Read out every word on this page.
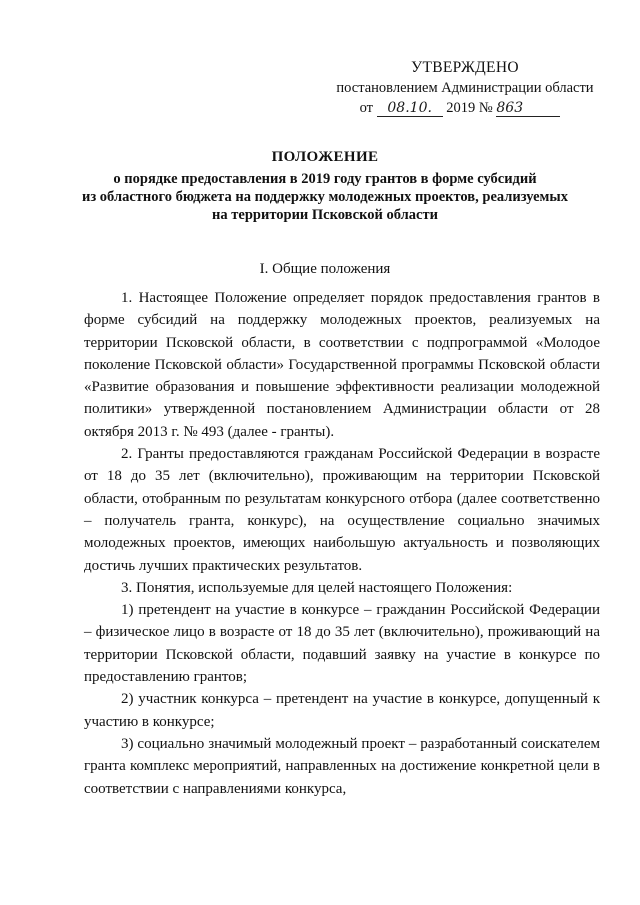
УТВЕРЖДЕНО
постановлением Администрации области
от 08.10. 2019 № 863
ПОЛОЖЕНИЕ
о порядке предоставления в 2019 году грантов в форме субсидий
из областного бюджета на поддержку молодежных проектов, реализуемых
на территории Псковской области
I. Общие положения

1. Настоящее Положение определяет порядок предоставления грантов в форме субсидий на поддержку молодежных проектов, реализуемых на территории Псковской области, в соответствии с подпрограммой «Молодое поколение Псковской области» Государственной программы Псковской области «Развитие образования и повышение эффективности реализации молодежной политики» утвержденной постановлением Администрации области от 28 октября 2013 г. № 493 (далее - гранты).

2. Гранты предоставляются гражданам Российской Федерации в возрасте от 18 до 35 лет (включительно), проживающим на территории Псковской области, отобранным по результатам конкурсного отбора (далее соответственно – получатель гранта, конкурс), на осуществление социально значимых молодежных проектов, имеющих наибольшую актуальность и позволяющих достичь лучших практических результатов.

3. Понятия, используемые для целей настоящего Положения:

1) претендент на участие в конкурсе – гражданин Российской Федерации – физическое лицо в возрасте от 18 до 35 лет (включительно), проживающий на территории Псковской области, подавший заявку на участие в конкурсе по предоставлению грантов;

2) участник конкурса – претендент на участие в конкурсе, допущенный к участию в конкурсе;

3) социально значимый молодежный проект – разработанный соискателем гранта комплекс мероприятий, направленных на достижение конкретной цели в соответствии с направлениями конкурса,
